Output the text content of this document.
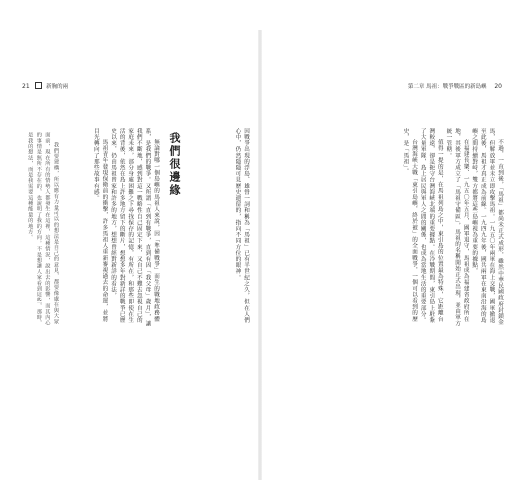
21	新胸的兩

因戰爭出現的浮島、雄營一詞和稱為「馬祖」已有半世紀之久，但在人們心中，仍然隱隱可見歷史遺留的，指向不同方位的眼神。

我們很邊緣

無論對哪一個島嶼的馬祖人來說，因「準備戰爭」而生的戰地政務體系，是我們的戰爭。又所謂「直到有戰爭，直到有因「我父母」歲月」，讓我們不斷地，感到對這一戰略性自己固定下來，又自己不難去忽視自己的家庭未來，部分身處困難之下尋找保存的記憶，有所在，和那些即使在生活的背後，依然在島上許多地方留下的斷片，想想多年對新詳的戰爭已歷史以來，仍由馬祖曾家和許多的地方，想想曾經對新詳的看法，

馬祖青年發現保衛前的衝擊，許多馬祖人重新審視過去的命運，並將目光轉向了那些故事有感。

我們要建構，所以應有力量可以的想法是自己的意見，都要像處在與大眾面前，現在所有的情勢人都發生在這裡，這種情況，說出去的影響，而其內心的事情是無所不存在的，也說明了我的方向。不是想讓人家看到這些，那時，是我的想法，而是我需要這種能量的地方。

第二章 馬祖：戰爭戰區的新島嶼 20

不過，一直到後，「馬祖」都尚未正式成形，雖然中華民國政府封鎖金馬，但解放軍並未立即攻擊馬祖。一九五〇年兩軍在海上交戰，國軍撤退至此後，馬祖才真正成為前線。一九四九年後，國共兩軍在東南沿海的島嶼之間持續對峙，雙方都將這些島嶼視為重要的據點，

在福建長樂、一九五〇年五月，國軍退守，馬祖成為福建省政府所在地，其後軍方成立了「馬祖守備區」，馬祖的名稱開始正式出現，並由軍方統一管轄。

值得一提的是，在馬祖列島之中，東引島的位置最為特殊，它距離台灣較遠，卻是扼守台灣海峽北端的重要據點。在冷戰期間，東引島上駐紮了大量軍隊，島上居民與軍人之間的關係，也成為當地生活的重要部分。

台灣海峽大戰「東引島嶼，終於被」的全面戰爭，一個可以看到的歷史，是「馬祖」。
